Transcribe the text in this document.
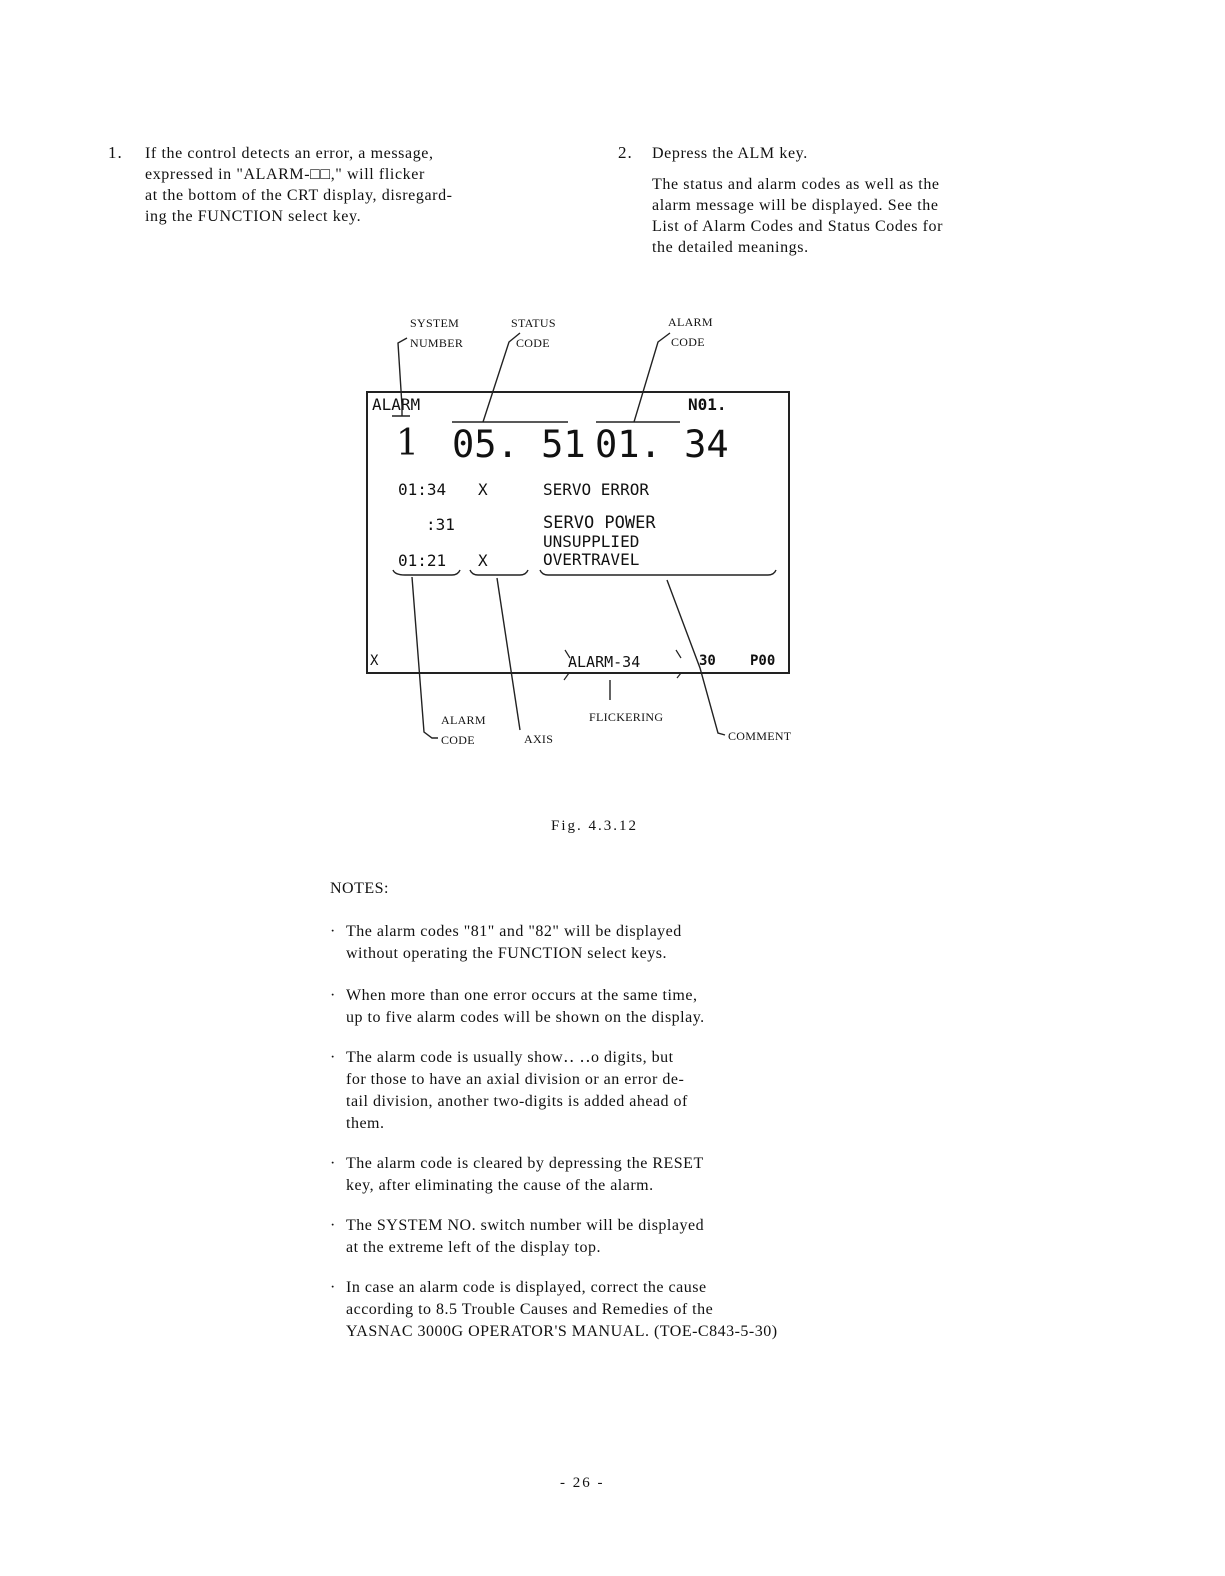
1. If the control detects an error, a message,
expressed in "ALARM-□□," will flicker
at the bottom of the CRT display, disregard-
ing the FUNCTION select key.
2. Depress the ALM key.
The status and alarm codes as well as the
alarm message will be displayed. See the
List of Alarm Codes and Status Codes for
the detailed meanings.
SYSTEM
NUMBER
STATUS
CODE
ALARM
CODE
ALARM
CODE	AXIS
FLICKERING
COMMENT
ALARM	N01.
1 05. 51 01. 34
01:34 X	SERVO ERROR
:31	SERVO POWER
UNSUPPLIED
01:21 X	OVERTRAVEL
X	ALARM-34	30 P00
Fig. 4.3.12
NOTES:
· The alarm codes "81" and "82" will be displayed
without operating the FUNCTION select keys.
· When more than one error occurs at the same time,
up to five alarm codes will be shown on the display.
· The alarm code is usually show․․ ․․o digits, but
for those to have an axial division or an error de-
tail division, another two-digits is added ahead of
them.
· The alarm code is cleared by depressing the RESET
key, after eliminating the cause of the alarm.
· The SYSTEM NO. switch number will be displayed
at the extreme left of the display top.
· In case an alarm code is displayed, correct the cause
according to 8.5 Trouble Causes and Remedies of the
YASNAC 3000G OPERATOR'S MANUAL. (TOE-C843-5-30)
- 26 -
